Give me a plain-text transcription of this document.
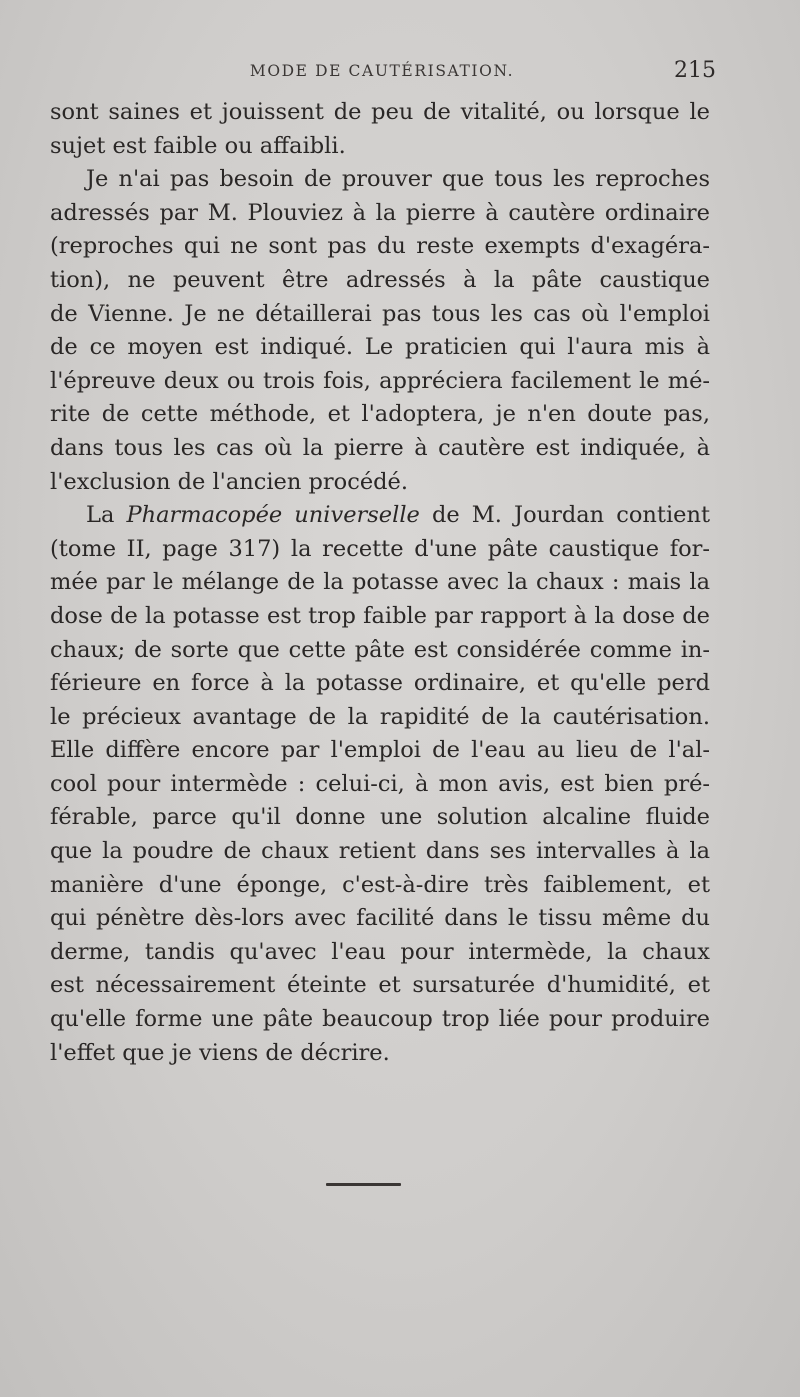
MODE DE CAUTÉRISATION.	215
sont saines et jouissent de peu de vitalité, ou lorsque le
sujet est faible ou affaibli.
Je n'ai pas besoin de prouver que tous les reproches
adressés par M. Plouviez à la pierre à cautère ordinaire
(reproches qui ne sont pas du reste exempts d'exagéra-
tion), ne peuvent être adressés à la pâte caustique
de Vienne. Je ne détaillerai pas tous les cas où l'emploi
de ce moyen est indiqué. Le praticien qui l'aura mis à
l'épreuve deux ou trois fois, appréciera facilement le mé-
rite de cette méthode, et l'adoptera, je n'en doute pas,
dans tous les cas où la pierre à cautère est indiquée, à
l'exclusion de l'ancien procédé.
La Pharmacopée universelle de M. Jourdan contient
(tome II, page 317) la recette d'une pâte caustique for-
mée par le mélange de la potasse avec la chaux : mais la
dose de la potasse est trop faible par rapport à la dose de
chaux; de sorte que cette pâte est considérée comme in-
férieure en force à la potasse ordinaire, et qu'elle perd
le précieux avantage de la rapidité de la cautérisation.
Elle diffère encore par l'emploi de l'eau au lieu de l'al-
cool pour intermède : celui-ci, à mon avis, est bien pré-
férable, parce qu'il donne une solution alcaline fluide
que la poudre de chaux retient dans ses intervalles à la
manière d'une éponge, c'est-à-dire très faiblement, et
qui pénètre dès-lors avec facilité dans le tissu même du
derme, tandis qu'avec l'eau pour intermède, la chaux
est nécessairement éteinte et sursaturée d'humidité, et
qu'elle forme une pâte beaucoup trop liée pour produire
l'effet que je viens de décrire.
